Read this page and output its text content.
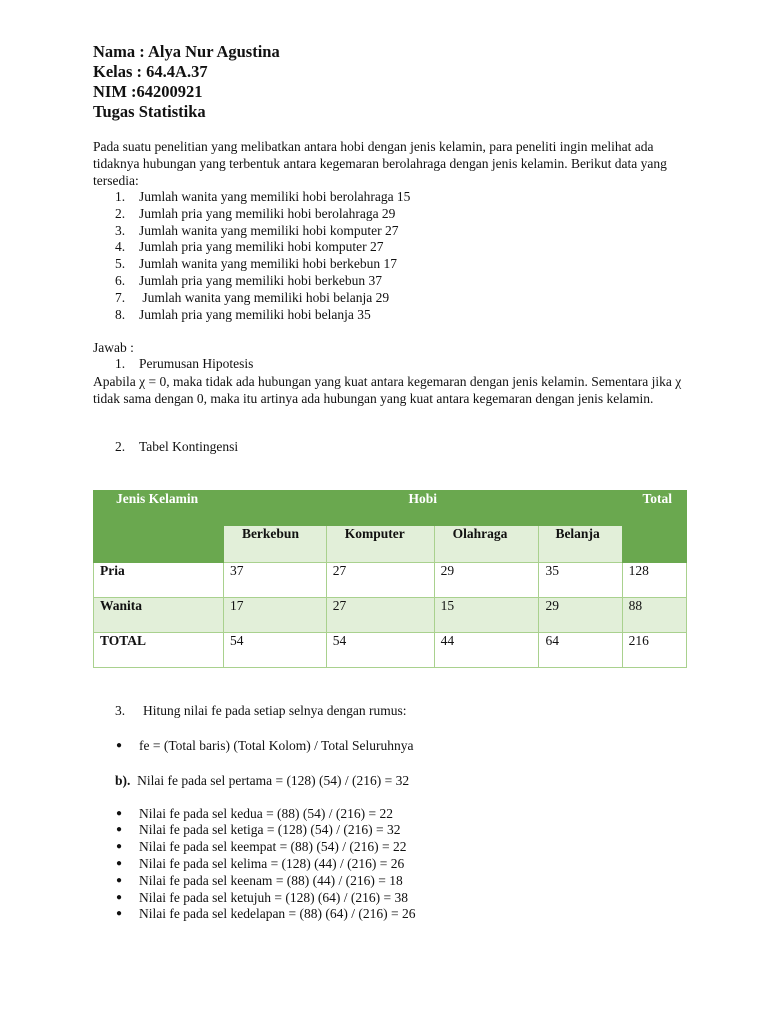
Nama : Alya Nur Agustina
Kelas : 64.4A.37
NIM :64200921
Tugas Statistika

Pada suatu penelitian yang melibatkan antara hobi dengan jenis kelamin, para peneliti ingin melihat ada tidaknya hubungan yang terbentuk antara kegemaran berolahraga dengan jenis kelamin. Berikut data yang tersedia:

1. Jumlah wanita yang memiliki hobi berolahraga 15
2. Jumlah pria yang memiliki hobi berolahraga 29
3. Jumlah wanita yang memiliki hobi komputer 27
4. Jumlah pria yang memiliki hobi komputer 27
5. Jumlah wanita yang memiliki hobi berkebun 17
6. Jumlah pria yang memiliki hobi berkebun 37
7. Jumlah wanita yang memiliki hobi belanja 29
8. Jumlah pria yang memiliki hobi belanja 35

Jawab :

1. Perumusan Hipotesis

Apabila χ = 0, maka tidak ada hubungan yang kuat antara kegemaran dengan jenis kelamin. Sementara jika χ tidak sama dengan 0, maka itu artinya ada hubungan yang kuat antara kegemaran dengan jenis kelamin.

2. Tabel Kontingensi
Jenis Kelamin	Hobi				Total
	Berkebun	Komputer	Olahraga	Belanja	
Pria	37	27	29	35	128
Wanita	17	27	15	29	88
TOTAL	54	54	44	64	216
3. Hitung nilai fe pada setiap selnya dengan rumus:
● fe = (Total baris) (Total Kolom) / Total Seluruhnya
b). Nilai fe pada sel pertama = (128) (54) / (216) = 32
● Nilai fe pada sel kedua = (88) (54) / (216) = 22
● Nilai fe pada sel ketiga = (128) (54) / (216) = 32
● Nilai fe pada sel keempat = (88) (54) / (216) = 22
● Nilai fe pada sel kelima = (128) (44) / (216) = 26
● Nilai fe pada sel keenam = (88) (44) / (216) = 18
● Nilai fe pada sel ketujuh = (128) (64) / (216) = 38
● Nilai fe pada sel kedelapan = (88) (64) / (216) = 26
